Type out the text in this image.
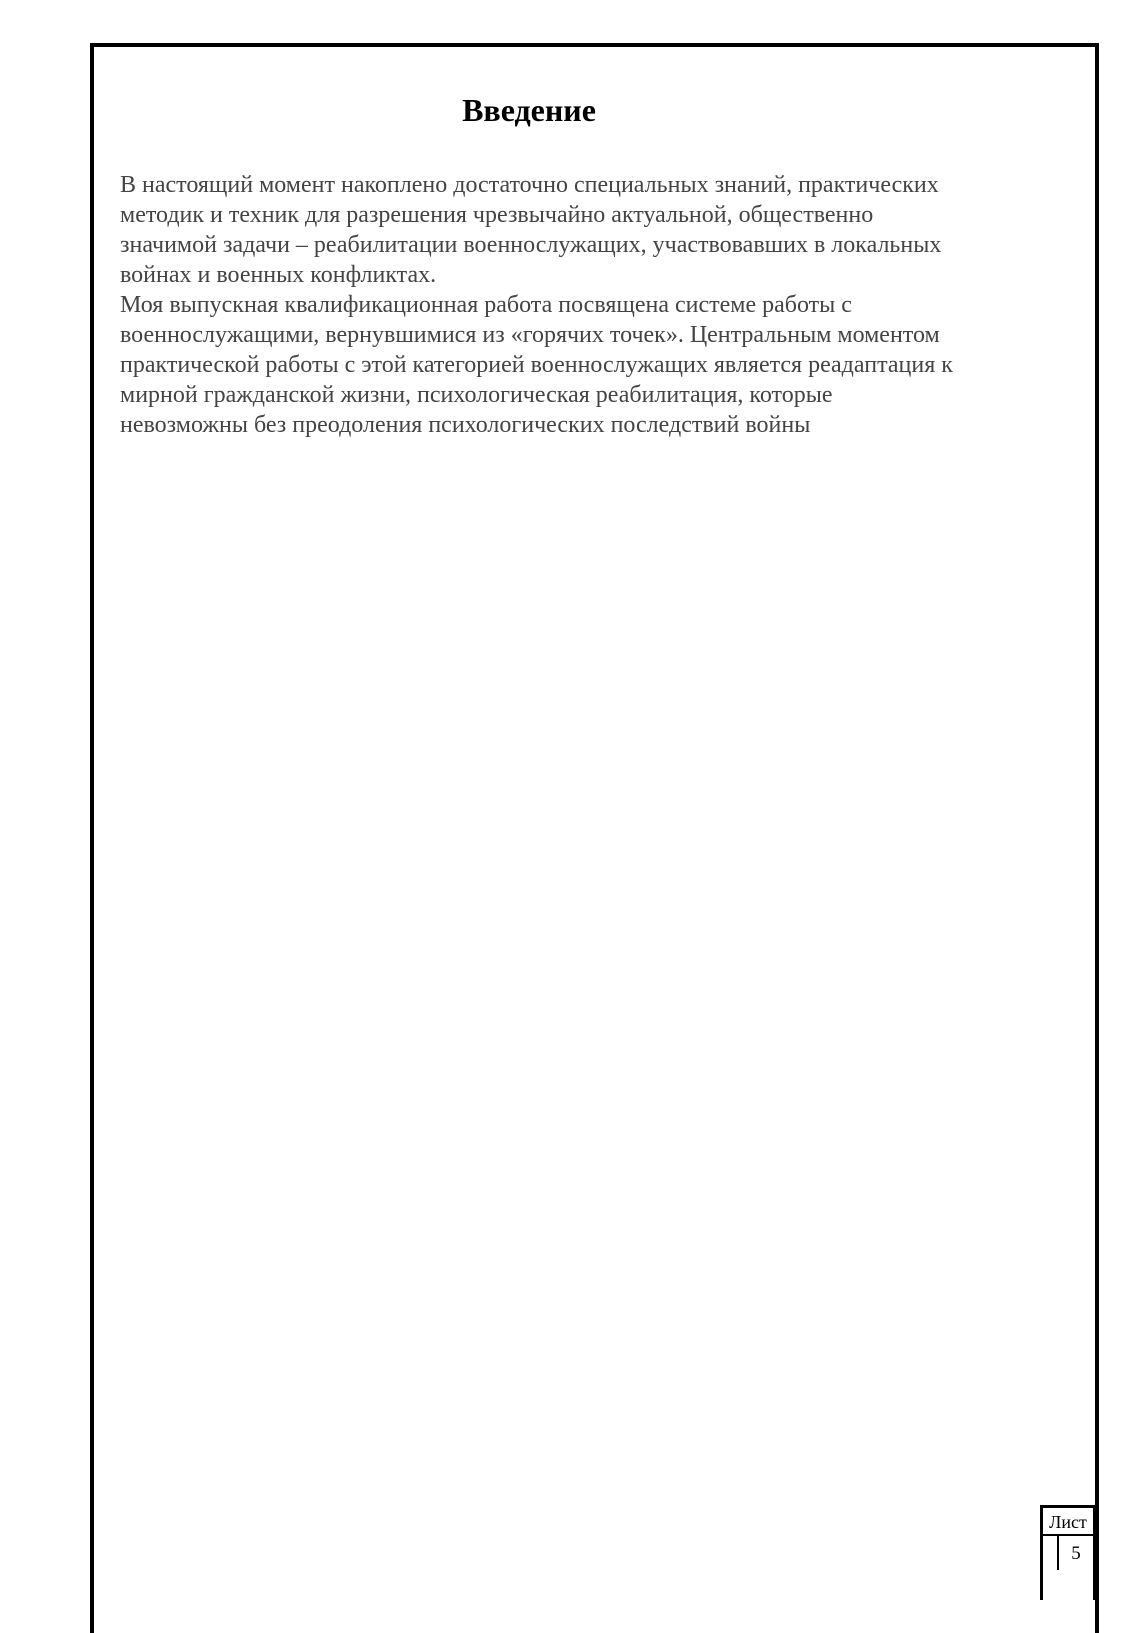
Введение
В настоящий момент накоплено достаточно специальных знаний, практических
методик и техник для разрешения чрезвычайно актуальной, общественно
значимой задачи – реабилитации военнослужащих, участвовавших в локальных
войнах и военных конфликтах.
Моя выпускная квалификационная работа посвящена системе работы с
военнослужащими, вернувшимися из «горячих точек». Центральным моментом
практической работы с этой категорией военнослужащих является реадаптация к
мирной гражданской жизни, психологическая реабилитация, которые
невозможны без преодоления психологических последствий войны
Лист
5
